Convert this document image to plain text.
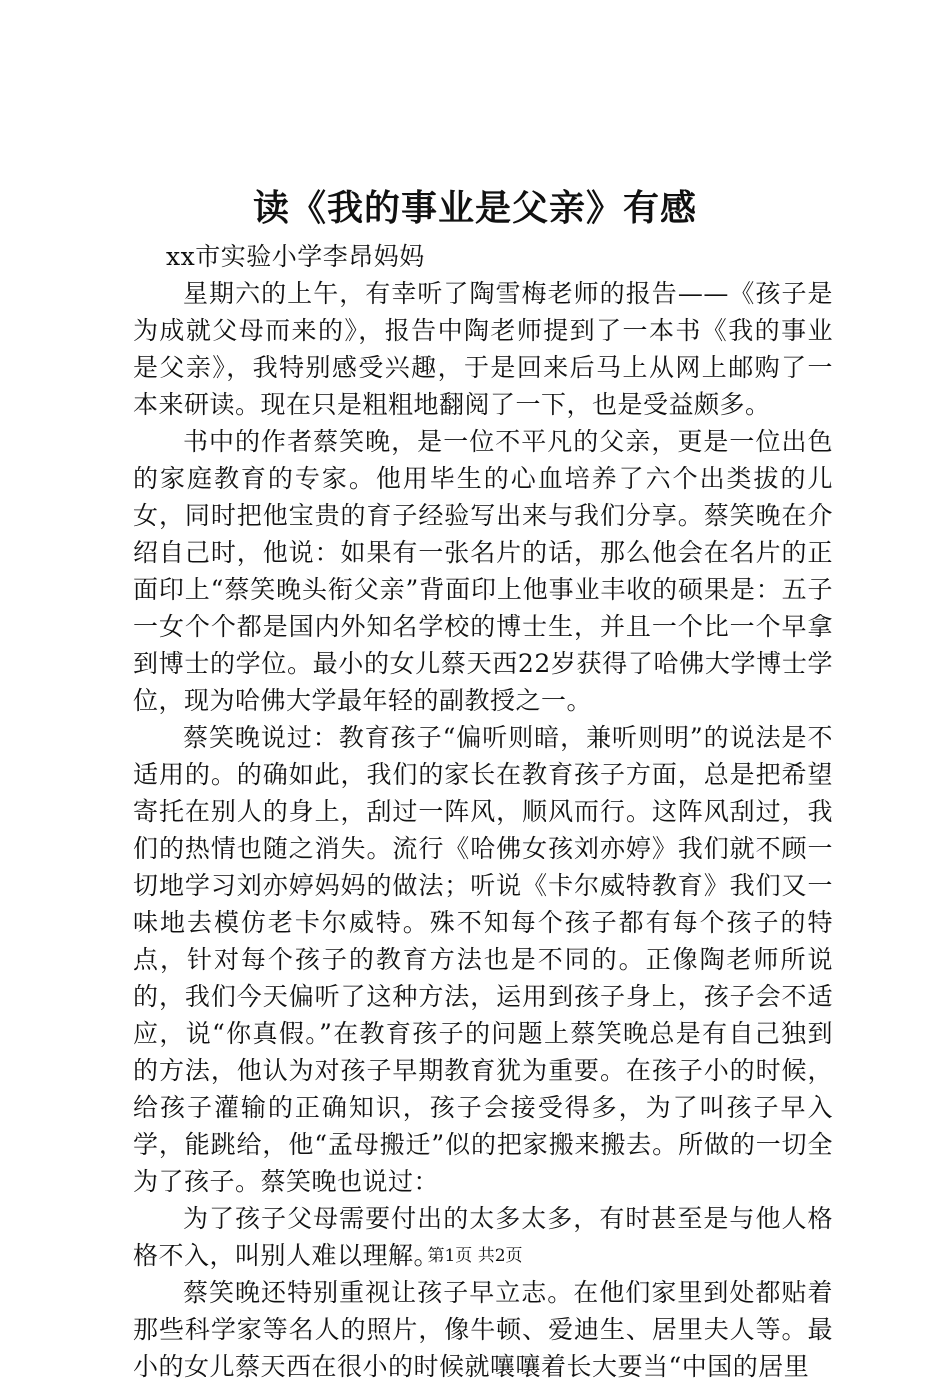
读《我的事业是父亲》有感

xx市实验小学李昂妈妈

星期六的上午，有幸听了陶雪梅老师的报告——《孩子是为成就父母而来的》，报告中陶老师提到了一本书《我的事业是父亲》，我特别感受兴趣，于是回来后马上从网上邮购了一本来研读。现在只是粗粗地翻阅了一下，也是受益颇多。

书中的作者蔡笑晚，是一位不平凡的父亲，更是一位出色的家庭教育的专家。他用毕生的心血培养了六个出类拔的儿女，同时把他宝贵的育子经验写出来与我们分享。蔡笑晚在介绍自己时，他说：如果有一张名片的话，那么他会在名片的正面印上“蔡笑晚头衔父亲”背面印上他事业丰收的硕果是：五子一女个个都是国内外知名学校的博士生，并且一个比一个早拿到博士的学位。最小的女儿蔡天西22岁获得了哈佛大学博士学位，现为哈佛大学最年轻的副教授之一。

蔡笑晚说过：教育孩子“偏听则暗，兼听则明”的说法是不适用的。的确如此，我们的家长在教育孩子方面，总是把希望寄托在别人的身上，刮过一阵风，顺风而行。这阵风刮过，我们的热情也随之消失。流行《哈佛女孩刘亦婷》我们就不顾一切地学习刘亦婷妈妈的做法；听说《卡尔威特教育》我们又一味地去模仿老卡尔威特。殊不知每个孩子都有每个孩子的特点，针对每个孩子的教育方法也是不同的。正像陶老师所说的，我们今天偏听了这种方法，运用到孩子身上，孩子会不适应，说“你真假。”在教育孩子的问题上蔡笑晚总是有自己独到的方法，他认为对孩子早期教育犹为重要。在孩子小的时候，给孩子灌输的正确知识，孩子会接受得多，为了叫孩子早入学，能跳给，他“孟母搬迁”似的把家搬来搬去。所做的一切全为了孩子。蔡笑晚也说过：

为了孩子父母需要付出的太多太多，有时甚至是与他人格格不入，叫别人难以理解。

蔡笑晚还特别重视让孩子早立志。在他们家里到处都贴着那些科学家等名人的照片，像牛顿、爱迪生、居里夫人等。最小的女儿蔡天西在很小的时候就嚷嚷着长大要当“中国的居里

第1页 共2页
